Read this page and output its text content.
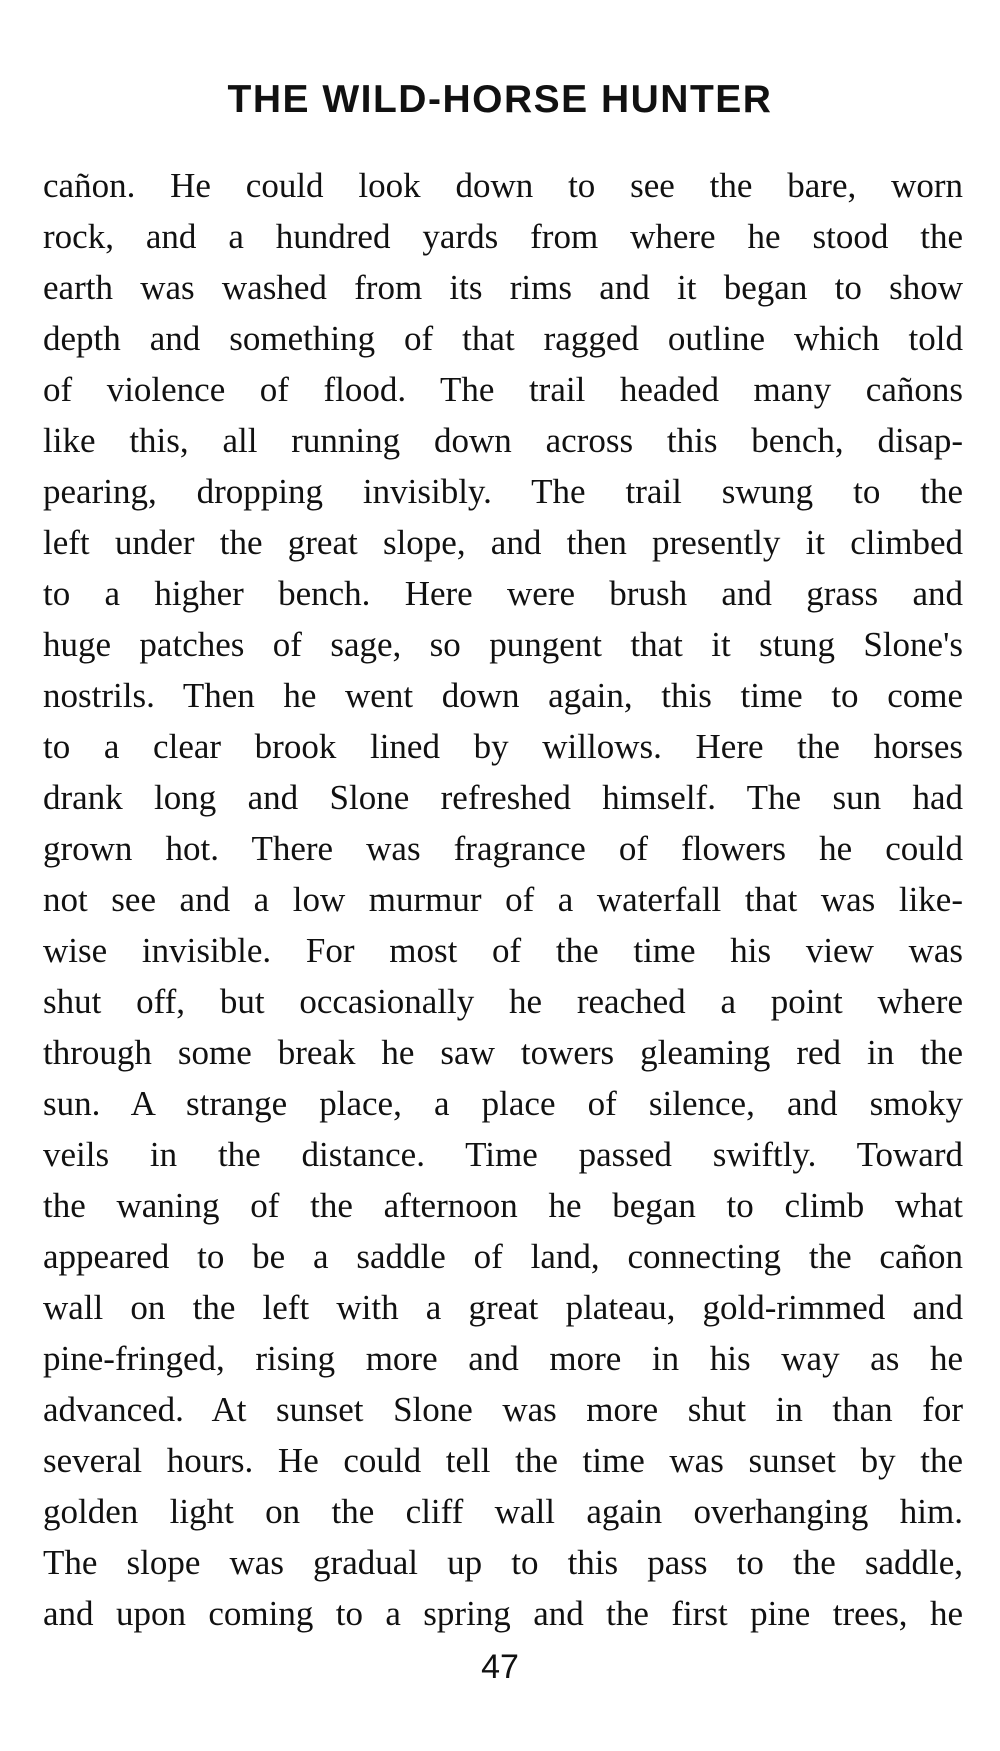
THE WILD-HORSE HUNTER
cañon. He could look down to see the bare, worn
rock, and a hundred yards from where he stood the
earth was washed from its rims and it began to show
depth and something of that ragged outline which told
of violence of flood. The trail headed many cañons
like this, all running down across this bench, disap-
pearing, dropping invisibly. The trail swung to the
left under the great slope, and then presently it climbed
to a higher bench. Here were brush and grass and
huge patches of sage, so pungent that it stung Slone's
nostrils. Then he went down again, this time to come
to a clear brook lined by willows. Here the horses
drank long and Slone refreshed himself. The sun had
grown hot. There was fragrance of flowers he could
not see and a low murmur of a waterfall that was like-
wise invisible. For most of the time his view was
shut off, but occasionally he reached a point where
through some break he saw towers gleaming red in the
sun. A strange place, a place of silence, and smoky
veils in the distance. Time passed swiftly. Toward
the waning of the afternoon he began to climb what
appeared to be a saddle of land, connecting the cañon
wall on the left with a great plateau, gold-rimmed and
pine-fringed, rising more and more in his way as he
advanced. At sunset Slone was more shut in than for
several hours. He could tell the time was sunset by the
golden light on the cliff wall again overhanging him.
The slope was gradual up to this pass to the saddle,
and upon coming to a spring and the first pine trees, he
47
